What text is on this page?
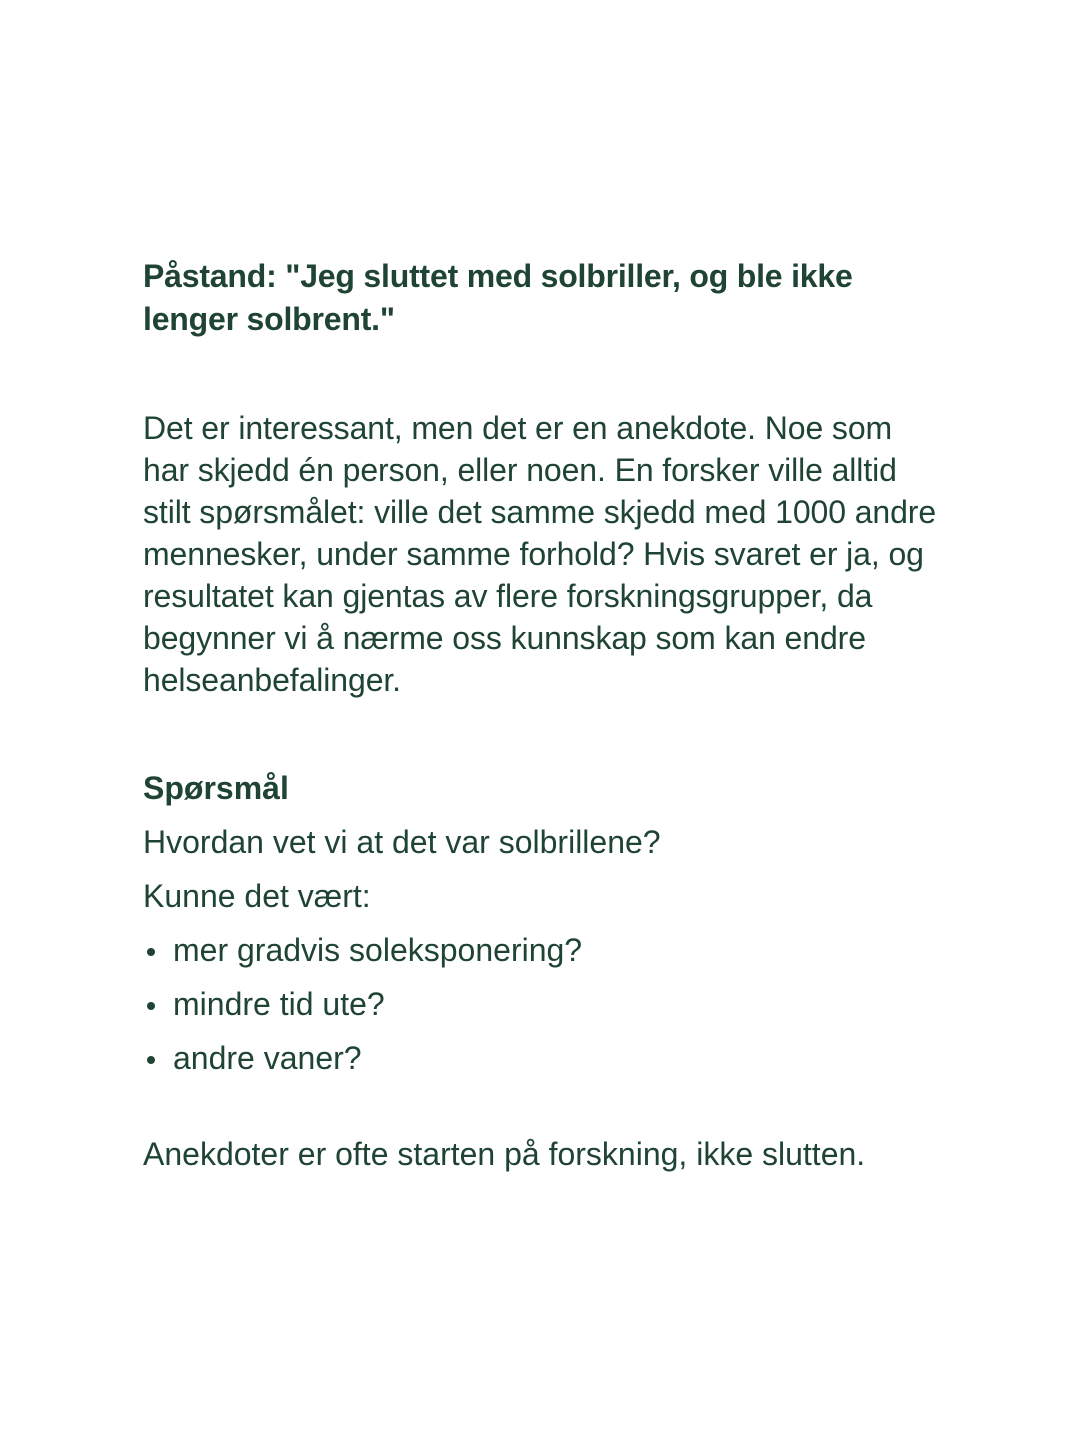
Påstand: "Jeg sluttet med solbriller, og ble ikke lenger solbrent."

Det er interessant, men det er en anekdote. Noe som har skjedd én person, eller noen. En forsker ville alltid stilt spørsmålet: ville det samme skjedd med 1000 andre mennesker, under samme forhold? Hvis svaret er ja, og resultatet kan gjentas av flere forskningsgrupper, da begynner vi å nærme oss kunnskap som kan endre helseanbefalinger.

Spørsmål

Hvordan vet vi at det var solbrillene?

Kunne det vært:

mer gradvis soleksponering?
mindre tid ute?
andre vaner?

Anekdoter er ofte starten på forskning, ikke slutten.
